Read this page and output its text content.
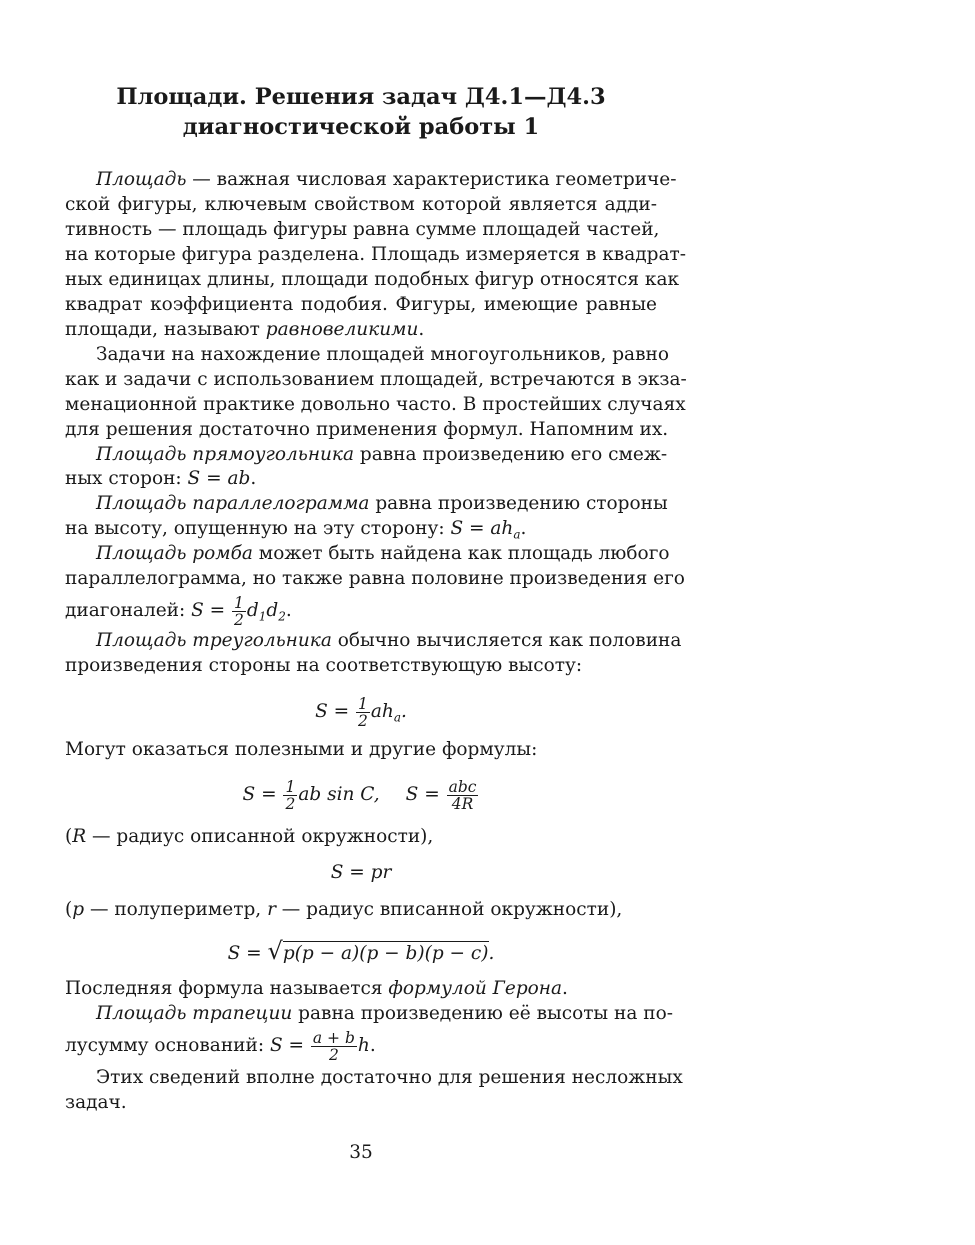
Площади. Решения задач Д4.1—Д4.3
диагностической работы 1
Площадь — важная числовая характеристика геометриче-
ской фигуры, ключевым свойством которой является адди-
тивность — площадь фигуры равна сумме площадей частей,
на которые фигура разделена. Площадь измеряется в квадрат-
ных единицах длины, площади подобных фигур относятся как
квадрат коэффициента подобия. Фигуры, имеющие равные
площади, называют равновеликими.
Задачи на нахождение площадей многоугольников, равно
как и задачи с использованием площадей, встречаются в экза-
менационной практике довольно часто. В простейших случаях
для решения достаточно применения формул. Напомним их.
Площадь прямоугольника равна произведению его смеж-
ных сторон: S = ab.
Площадь параллелограмма равна произведению стороны
на высоту, опущенную на эту сторону: $S = ah_a$.
Площадь ромба может быть найдена как площадь любого
параллелограмма, но также равна половине произведения его
диагоналей: $S = \frac{1}{2} d_1d_2$.
Площадь треугольника обычно вычисляется как половина
произведения стороны на соответствующую высоту:
$S = \frac{1}{2} ah_a$.
Могут оказаться полезными и другие формулы:
$S = \frac{1}{2}$ ab sin C, $S = \frac{\text{abc}}{4R}$
(R — радиус описанной окружности),
S = pr
(p — полупериметр, r — радиус вписанной окружности),
S = √p(p − a)(p − b)(p − c).
Последняя формула называется формулой Герона.
Площадь трапеции равна произведению её высоты на по-
лусумму оснований: $S = \frac{a + b}{2} h$.
Этих сведений вполне достаточно для решения несложных
задач.
35
